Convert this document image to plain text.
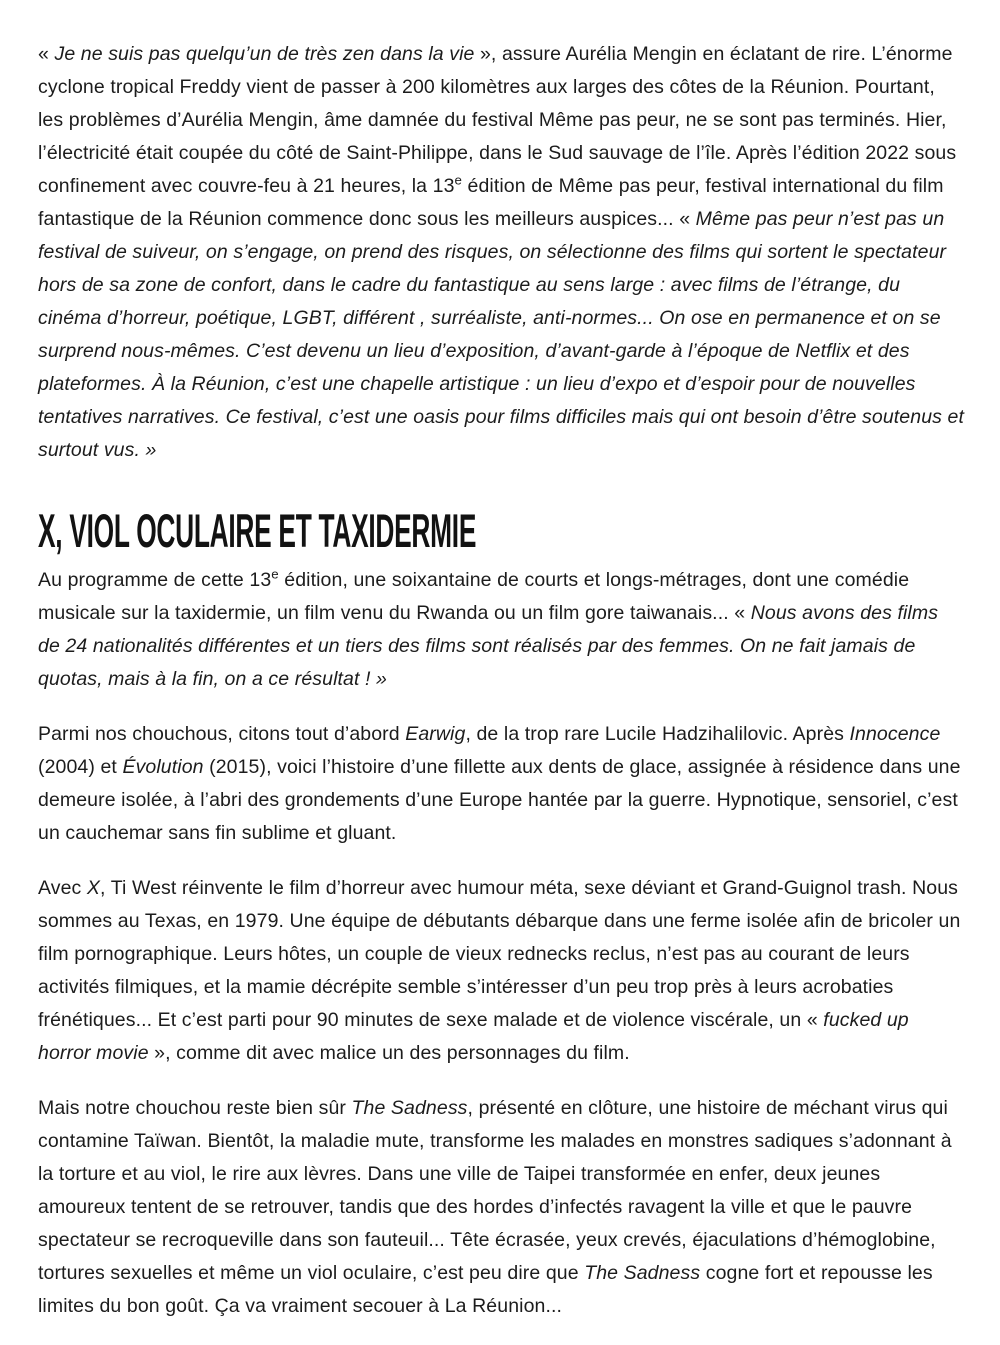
« Je ne suis pas quelqu’un de très zen dans la vie », assure Aurélia Mengin en éclatant de rire. L’énorme cyclone tropical Freddy vient de passer à 200 kilomètres aux larges des côtes de la Réunion. Pourtant, les problèmes d’Aurélia Mengin, âme damnée du festival Même pas peur, ne se sont pas terminés. Hier, l’électricité était coupée du côté de Saint-Philippe, dans le Sud sauvage de l’île. Après l’édition 2022 sous confinement avec couvre-feu à 21 heures, la 13e édition de Même pas peur, festival international du film fantastique de la Réunion commence donc sous les meilleurs auspices... « Même pas peur n’est pas un festival de suiveur, on s’engage, on prend des risques, on sélectionne des films qui sortent le spectateur hors de sa zone de confort, dans le cadre du fantastique au sens large : avec films de l’étrange, du cinéma d’horreur, poétique, LGBT, différent , surréaliste, anti-normes... On ose en permanence et on se surprend nous-mêmes. C’est devenu un lieu d’exposition, d’avant-garde à l’époque de Netflix et des plateformes. À la Réunion, c’est une chapelle artistique : un lieu d’expo et d’espoir pour de nouvelles tentatives narratives. Ce festival, c’est une oasis pour films difficiles mais qui ont besoin d’être soutenus et surtout vus. »

X, VIOL OCULAIRE ET TAXIDERMIE

Au programme de cette 13e édition, une soixantaine de courts et longs-métrages, dont une comédie musicale sur la taxidermie, un film venu du Rwanda ou un film gore taiwanais... « Nous avons des films de 24 nationalités différentes et un tiers des films sont réalisés par des femmes. On ne fait jamais de quotas, mais à la fin, on a ce résultat ! »

Parmi nos chouchous, citons tout d’abord Earwig, de la trop rare Lucile Hadzihalilovic. Après Innocence (2004) et Évolution (2015), voici l’histoire d’une fillette aux dents de glace, assignée à résidence dans une demeure isolée, à l’abri des grondements d’une Europe hantée par la guerre. Hypnotique, sensoriel, c’est un cauchemar sans fin sublime et gluant.

Avec X, Ti West réinvente le film d’horreur avec humour méta, sexe déviant et Grand-Guignol trash. Nous sommes au Texas, en 1979. Une équipe de débutants débarque dans une ferme isolée afin de bricoler un film pornographique. Leurs hôtes, un couple de vieux rednecks reclus, n’est pas au courant de leurs activités filmiques, et la mamie décrépite semble s’intéresser d’un peu trop près à leurs acrobaties frénétiques... Et c’est parti pour 90 minutes de sexe malade et de violence viscérale, un « fucked up horror movie », comme dit avec malice un des personnages du film.

Mais notre chouchou reste bien sûr The Sadness, présenté en clôture, une histoire de méchant virus qui contamine Taïwan. Bientôt, la maladie mute, transforme les malades en monstres sadiques s’adonnant à la torture et au viol, le rire aux lèvres. Dans une ville de Taipei transformée en enfer, deux jeunes amoureux tentent de se retrouver, tandis que des hordes d’infectés ravagent la ville et que le pauvre spectateur se recroqueville dans son fauteuil... Tête écrasée, yeux crevés, éjaculations d’hémoglobine, tortures sexuelles et même un viol oculaire, c’est peu dire que The Sadness cogne fort et repousse les limites du bon goût. Ça va vraiment secouer à La Réunion...
